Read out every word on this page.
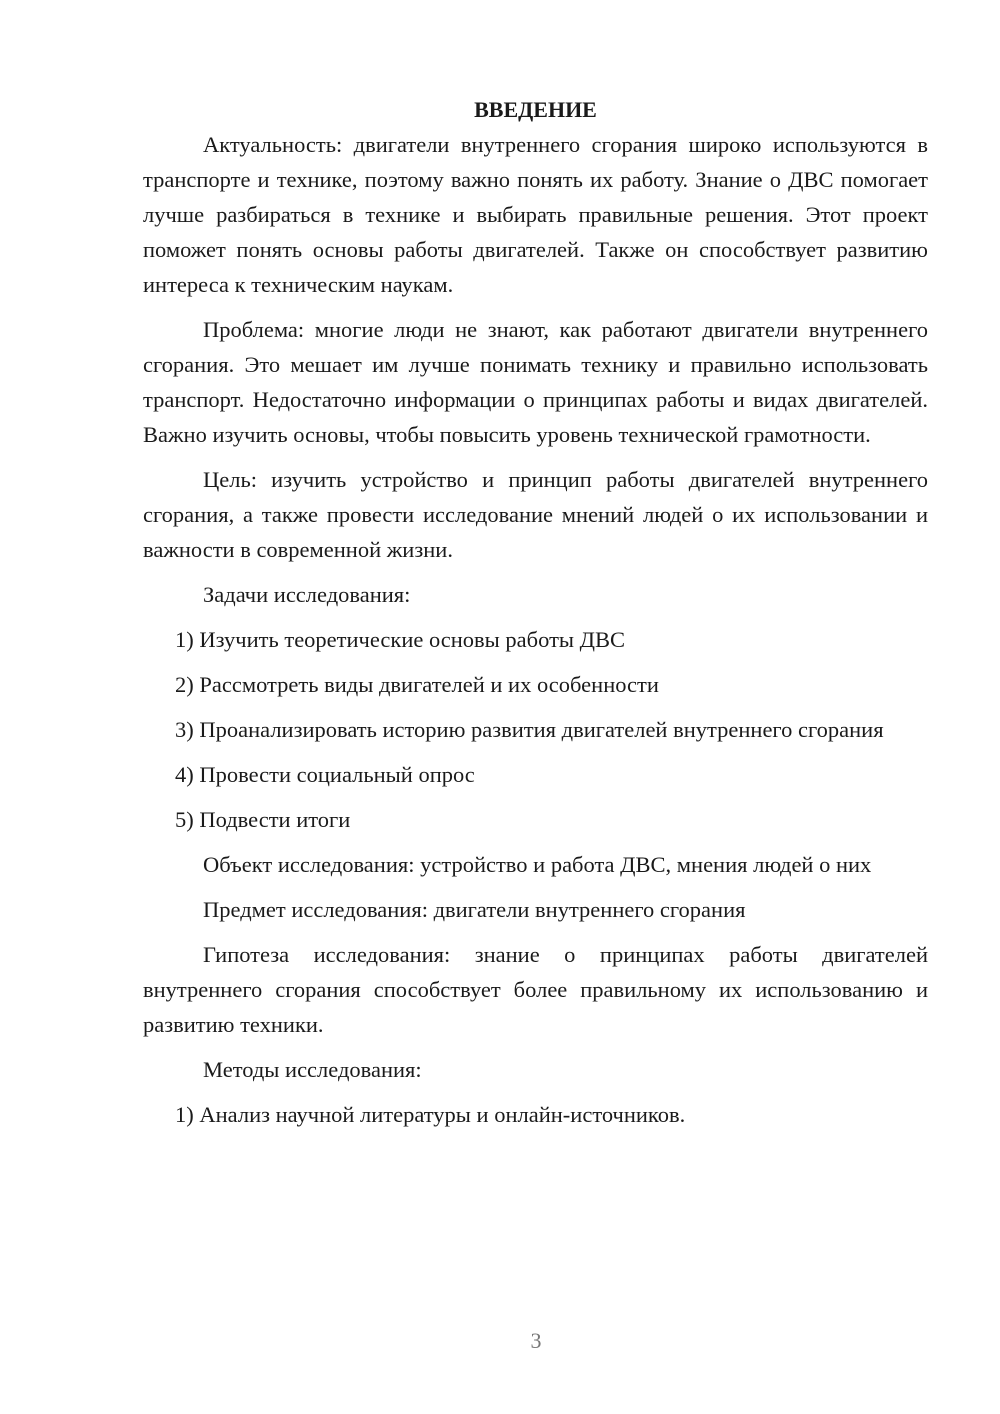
ВВЕДЕНИЕ
Актуальность: двигатели внутреннего сгорания широко используются в транспорте и технике, поэтому важно понять их работу. Знание о ДВС помогает лучше разбираться в технике и выбирать правильные решения. Этот проект поможет понять основы работы двигателей. Также он способствует развитию интереса к техническим наукам.
Проблема: многие люди не знают, как работают двигатели внутреннего сгорания. Это мешает им лучше понимать технику и правильно использовать транспорт. Недостаточно информации о принципах работы и видах двигателей. Важно изучить основы, чтобы повысить уровень технической грамотности.
Цель: изучить устройство и принцип работы двигателей внутреннего сгорания, а также провести исследование мнений людей о их использовании и важности в современной жизни.
Задачи исследования:
1) Изучить теоретические основы работы ДВС
2) Рассмотреть виды двигателей и их особенности
3) Проанализировать историю развития двигателей внутреннего сгорания
4) Провести социальный опрос
5) Подвести итоги
Объект исследования: устройство и работа ДВС, мнения людей о них
Предмет исследования: двигатели внутреннего сгорания
Гипотеза исследования: знание о принципах работы двигателей внутреннего сгорания способствует более правильному их использованию и развитию техники.
Методы исследования:
1) Анализ научной литературы и онлайн-источников.
3
